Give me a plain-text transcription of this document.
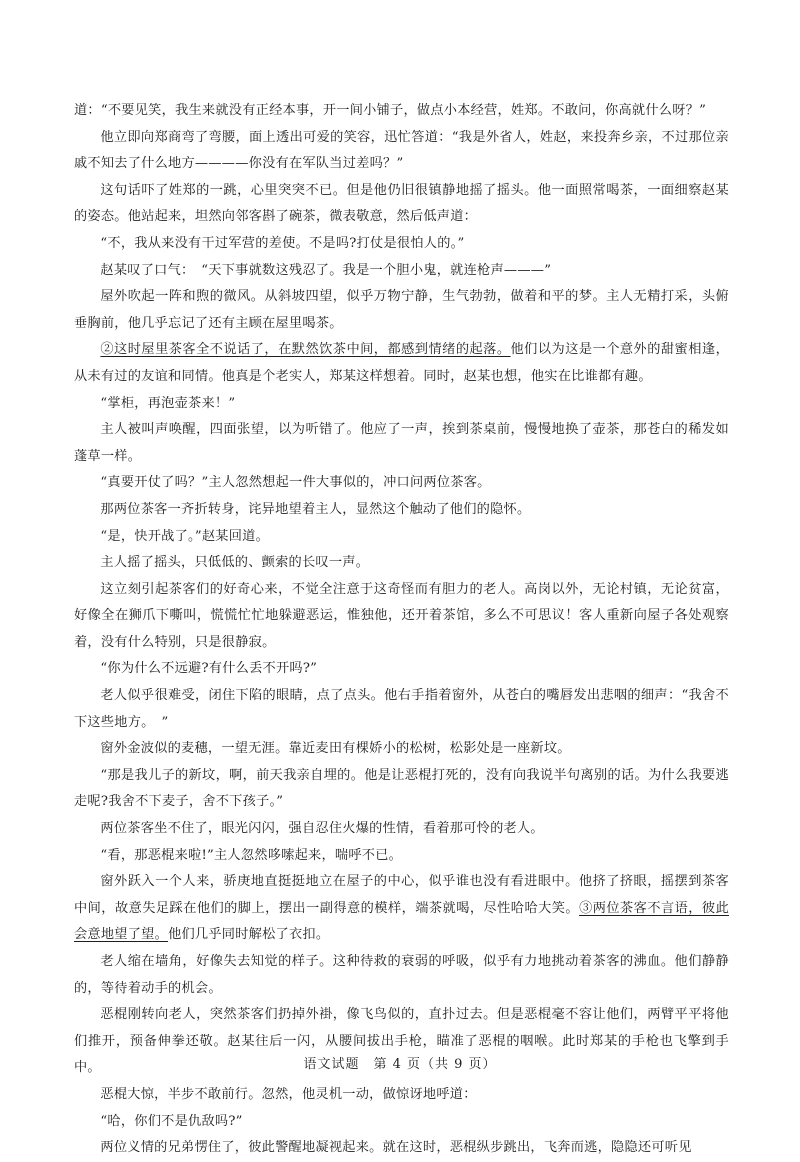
道：“不要见笑，我生来就没有正经本事，开一间小铺子，做点小本经营，姓郑。不敢问，你高就什么呀？”

他立即向郑商弯了弯腰，面上透出可爱的笑容，迅忙答道：“我是外省人，姓赵，来投奔乡亲，不过那位亲戚不知去了什么地方————你没有在军队当过差吗？”

这句话吓了姓郑的一跳，心里突突不已。但是他仍旧很镇静地摇了摇头。他一面照常喝茶，一面细察赵某的姿态。他站起来，坦然向邻客斟了碗茶，微表敬意，然后低声道：

“不，我从来没有干过军营的差使。不是吗?打仗是很怕人的。”

赵某叹了口气：　“天下事就数这残忍了。我是一个胆小鬼，就连枪声———”

屋外吹起一阵和煦的微风。从斜坡四望，似乎万物宁静，生气勃勃，做着和平的梦。主人无精打采，头俯垂胸前，他几乎忘记了还有主顾在屋里喝茶。

②这时屋里茶客全不说话了，在默然饮茶中间，都感到情绪的起落。他们以为这是一个意外的甜蜜相逢，从未有过的友谊和同情。他真是个老实人，郑某这样想着。同时，赵某也想，他实在比谁都有趣。

“掌柜，再泡壶茶来！”

主人被叫声唤醒，四面张望，以为听错了。他应了一声，挨到茶桌前，慢慢地换了壶茶，那苍白的稀发如蓬草一样。

“真要开仗了吗？”主人忽然想起一件大事似的，冲口问两位茶客。

那两位茶客一齐折转身，诧异地望着主人，显然这个触动了他们的隐怀。

“是，快开战了。”赵某回道。

主人摇了摇头，只低低的、颤索的长叹一声。

这立刻引起茶客们的好奇心来，不觉全注意于这奇怪而有胆力的老人。高岗以外，无论村镇，无论贫富，好像全在狮爪下嘶叫，慌慌忙忙地躲避恶运，惟独他，还开着茶馆，多么不可思议！客人重新向屋子各处观察着，没有什么特别，只是很静寂。

“你为什么不远避?有什么丢不开吗?”

老人似乎很难受，闭住下陷的眼睛，点了点头。他右手指着窗外，从苍白的嘴唇发出悲咽的细声：“我舍不下这些地方。　”

窗外金波似的麦穗，一望无涯。靠近麦田有棵娇小的松树，松影处是一座新坟。

“那是我儿子的新坟，啊，前天我亲自埋的。他是让恶棍打死的，没有向我说半句离别的话。为什么我要逃走呢?我舍不下麦子，舍不下孩子。”

两位茶客坐不住了，眼光闪闪，强自忍住火爆的性情，看着那可怜的老人。

“看，那恶棍来啦!”主人忽然哆嗦起来，喘呼不已。

窗外跃入一个人来，骄庚地直挺挺地立在屋子的中心，似乎谁也没有看进眼中。他挤了挤眼，摇摆到茶客中间，故意失足踩在他们的脚上，摆出一副得意的模样，端茶就喝，尽性哈哈大笑。③两位茶客不言语，彼此会意地望了望。他们几乎同时解松了衣扣。

老人缩在墙角，好像失去知觉的样子。这种待救的衰弱的呼吸，似乎有力地挑动着茶客的沸血。他们静静的，等待着动手的机会。

恶棍刚转向老人，突然茶客们扔掉外褂，像飞鸟似的，直扑过去。但是恶棍毫不容让他们，两臂平平将他们推开，预备伸拳还敬。赵某往后一闪，从腰间拔出手枪，瞄准了恶棍的咽喉。此时郑某的手枪也飞擎到手中。

恶棍大惊，半步不敢前行。忽然，他灵机一动，做惊讶地呼道：

“哈，你们不是仇敌吗?”

两位义情的兄弟愣住了，彼此警醒地凝视起来。就在这时，恶棍纵步跳出，飞奔而逃，隐隐还可听见

语文试题　第 4 页（共 9 页）
